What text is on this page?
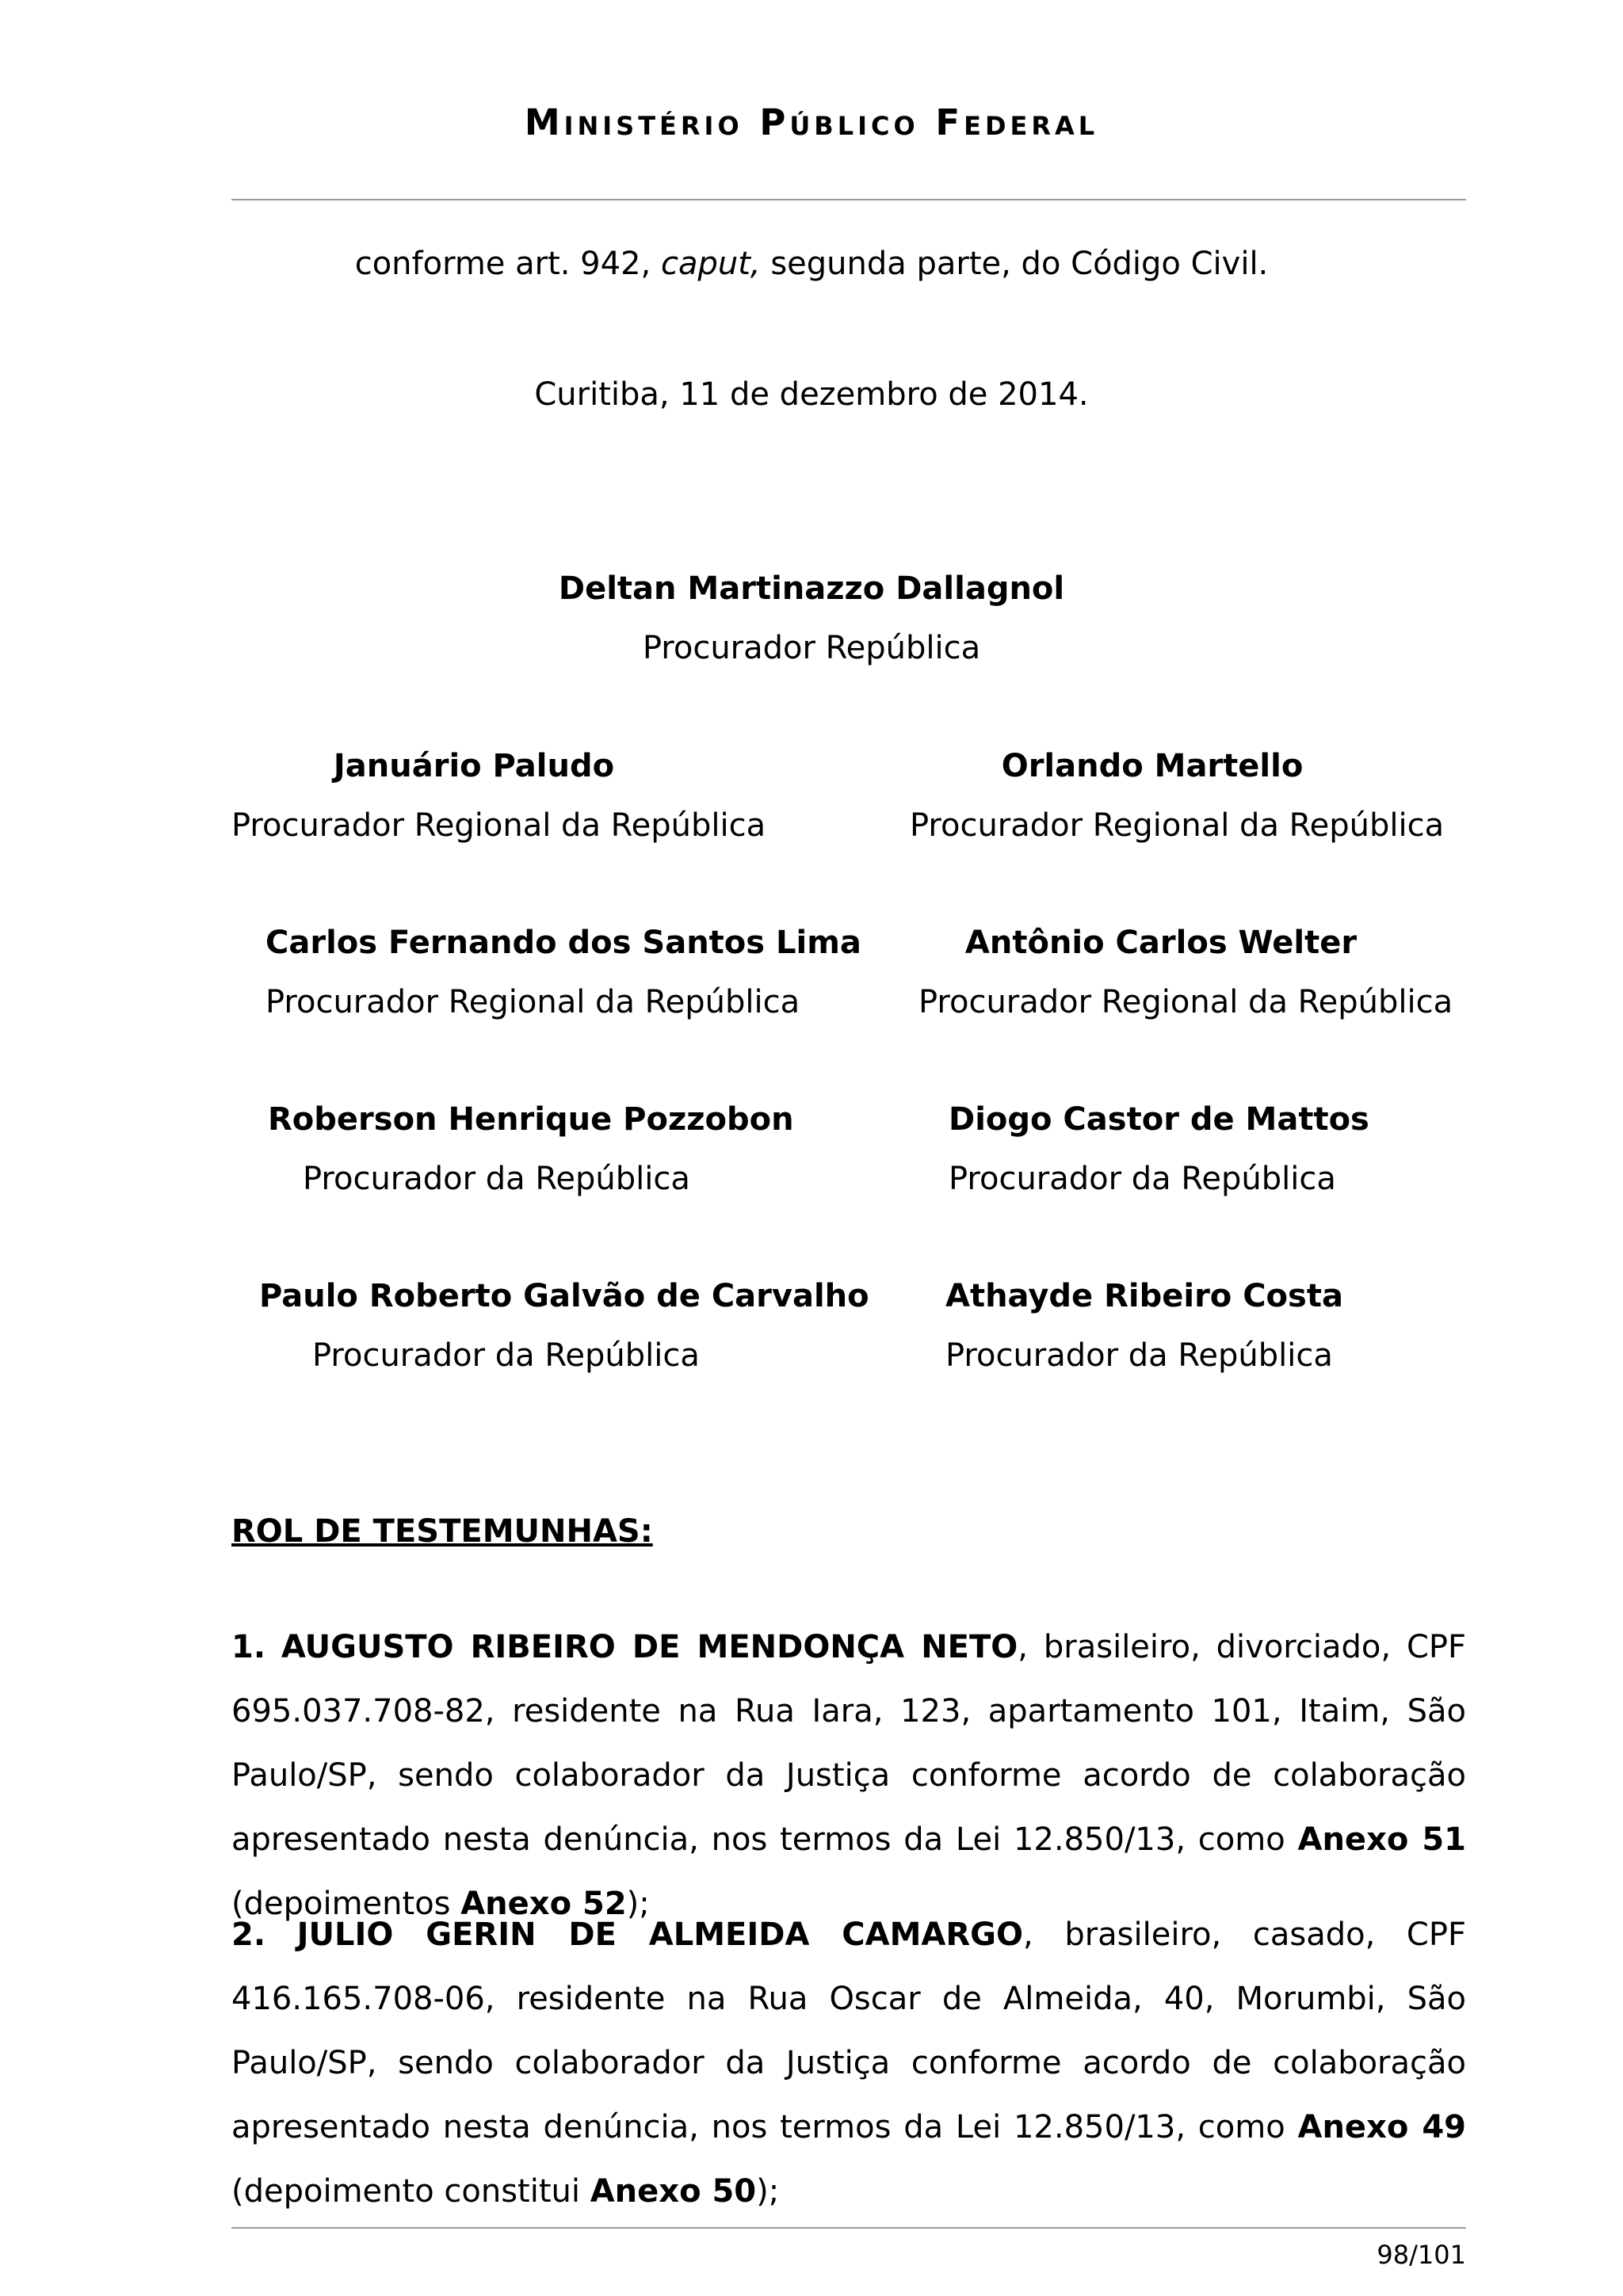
Ministério Público Federal
conforme art. 942, caput, segunda parte, do Código Civil.
Curitiba, 11 de dezembro de 2014.
Deltan Martinazzo Dallagnol
Procurador República
Januário Paludo
Procurador Regional da República
Carlos Fernando dos Santos Lima
Procurador Regional da República
Roberson Henrique Pozzobon
Procurador da República
Paulo Roberto Galvão de Carvalho
Procurador da República
Orlando Martello
Procurador Regional da República
Antônio Carlos Welter
Procurador Regional da República
Diogo Castor de Mattos
Procurador da República
Athayde Ribeiro Costa
Procurador da República
ROL DE TESTEMUNHAS:
1. AUGUSTO RIBEIRO DE MENDONÇA NETO, brasileiro, divorciado, CPF 695.037.708-82, residente na Rua Iara, 123, apartamento 101, Itaim, São Paulo/SP, sendo colaborador da Justiça conforme acordo de colaboração apresentado nesta denúncia, nos termos da Lei 12.850/13, como Anexo 51 (depoimentos Anexo 52);
2. JULIO GERIN DE ALMEIDA CAMARGO, brasileiro, casado, CPF 416.165.708-06, residente na Rua Oscar de Almeida, 40, Morumbi, São Paulo/SP, sendo colaborador da Justiça conforme acordo de colaboração apresentado nesta denúncia, nos termos da Lei 12.850/13, como Anexo 49 (depoimento constitui Anexo 50);
98/101
